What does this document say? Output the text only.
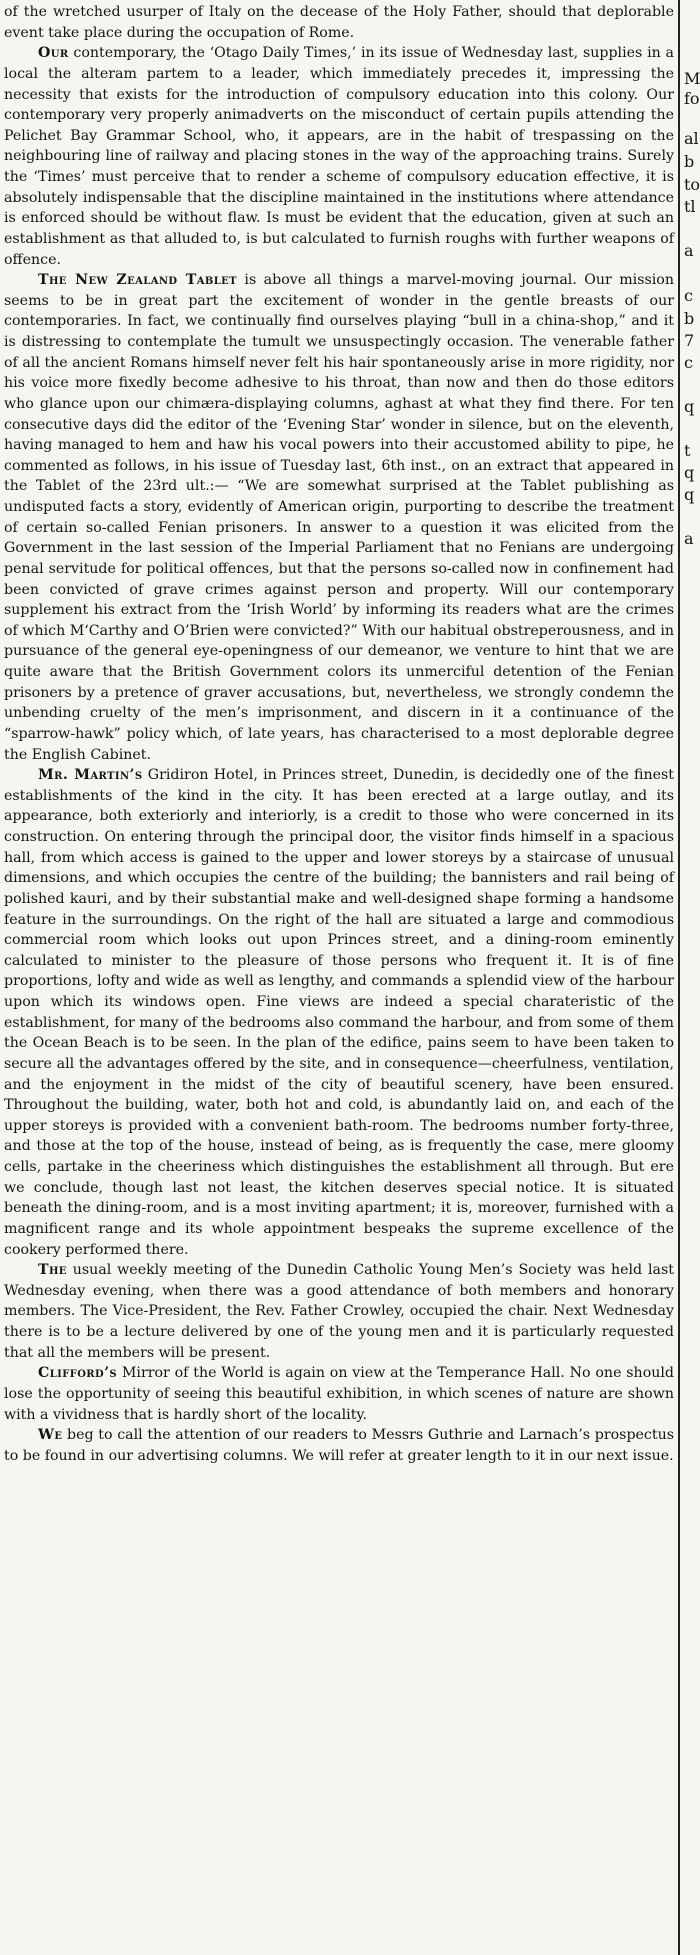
of the wretched usurper of Italy on the decease of the Holy Father, should that deplorable event take place during the occupation of Rome.

Our contemporary, the ‘Otago Daily Times,’ in its issue of Wednesday last, supplies in a local the alteram partem to a leader, which immediately precedes it, impressing the necessity that exists for the introduction of compulsory education into this colony. Our contemporary very properly animadverts on the misconduct of certain pupils attending the Pelichet Bay Grammar School, who, it appears, are in the habit of trespassing on the neighbouring line of railway and placing stones in the way of the approaching trains. Surely the ‘Times’ must perceive that to render a scheme of compulsory education effective, it is absolutely indispensable that the discipline maintained in the institutions where attendance is enforced should be without flaw. Is must be evident that the education, given at such an establishment as that alluded to, is but calculated to furnish roughs with further weapons of offence.

The New Zealand Tablet is above all things a marvel-moving journal. Our mission seems to be in great part the excitement of wonder in the gentle breasts of our contemporaries. In fact, we continually find ourselves playing “bull in a china-shop,” and it is distressing to contemplate the tumult we unsuspectingly occasion. The venerable father of all the ancient Romans himself never felt his hair spontaneously arise in more rigidity, nor his voice more fixedly become adhesive to his throat, than now and then do those editors who glance upon our chimæra-displaying columns, aghast at what they find there. For ten consecutive days did the editor of the ‘Evening Star’ wonder in silence, but on the eleventh, having managed to hem and haw his vocal powers into their accustomed ability to pipe, he commented as follows, in his issue of Tuesday last, 6th inst., on an extract that appeared in the Tablet of the 23rd ult.:— “We are somewhat surprised at the Tablet publishing as undisputed facts a story, evidently of American origin, purporting to describe the treatment of certain so-called Fenian prisoners. In answer to a question it was elicited from the Government in the last session of the Imperial Parliament that no Fenians are undergoing penal servitude for political offences, but that the persons so-called now in confinement had been convicted of grave crimes against person and property. Will our contemporary supplement his extract from the ‘Irish World’ by informing its readers what are the crimes of which M‘Carthy and O’Brien were convicted?” With our habitual obstreperousness, and in pursuance of the general eye-openingness of our demeanor, we venture to hint that we are quite aware that the British Government colors its unmerciful detention of the Fenian prisoners by a pretence of graver accusations, but, nevertheless, we strongly condemn the unbending cruelty of the men’s imprisonment, and discern in it a continuance of the “sparrow-hawk” policy which, of late years, has characterised to a most deplorable degree the English Cabinet.

Mr. Martin’s Gridiron Hotel, in Princes street, Dunedin, is decidedly one of the finest establishments of the kind in the city. It has been erected at a large outlay, and its appearance, both exteriorly and interiorly, is a credit to those who were concerned in its construction. On entering through the principal door, the visitor finds himself in a spacious hall, from which access is gained to the upper and lower storeys by a staircase of unusual dimensions, and which occupies the centre of the building; the bannisters and rail being of polished kauri, and by their substantial make and well-designed shape forming a handsome feature in the surroundings. On the right of the hall are situated a large and commodious commercial room which looks out upon Princes street, and a dining-room eminently calculated to minister to the pleasure of those persons who frequent it. It is of fine proportions, lofty and wide as well as lengthy, and commands a splendid view of the harbour upon which its windows open. Fine views are indeed a special charateristic of the establishment, for many of the bedrooms also command the harbour, and from some of them the Ocean Beach is to be seen. In the plan of the edifice, pains seem to have been taken to secure all the advantages offered by the site, and in consequence—cheerfulness, ventilation, and the enjoyment in the midst of the city of beautiful scenery, have been ensured. Throughout the building, water, both hot and cold, is abundantly laid on, and each of the upper storeys is provided with a convenient bath-room. The bedrooms number forty-three, and those at the top of the house, instead of being, as is frequently the case, mere gloomy cells, partake in the cheeriness which distinguishes the establishment all through. But ere we conclude, though last not least, the kitchen deserves special notice. It is situated beneath the dining-room, and is a most inviting apartment; it is, moreover, furnished with a magnificent range and its whole appointment bespeaks the supreme excellence of the cookery performed there.

The usual weekly meeting of the Dunedin Catholic Young Men’s Society was held last Wednesday evening, when there was a good attendance of both members and honorary members. The Vice-President, the Rev. Father Crowley, occupied the chair. Next Wednesday there is to be a lecture delivered by one of the young men and it is particularly requested that all the members will be present.

Clifford’s Mirror of the World is again on view at the Temperance Hall. No one should lose the opportunity of seeing this beautiful exhibition, in which scenes of nature are shown with a vividness that is hardly short of the locality.

We beg to call the attention of our readers to Messrs Guthrie and Larnach’s prospectus to be found in our advertising columns. We will refer at greater length to it in our next issue.

M
fo
al
b
to
tl
a
c
b
7
c
q
t
q
q
a
